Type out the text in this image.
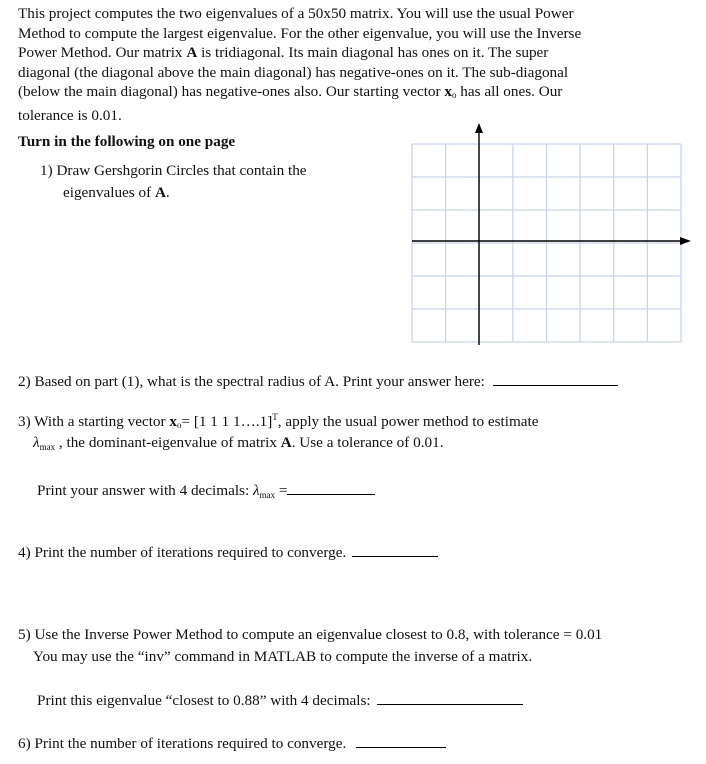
This project computes the two eigenvalues of a 50x50 matrix. You will use the usual Power
Method to compute the largest eigenvalue. For the other eigenvalue, you will use the Inverse
Power Method. Our matrix A is tridiagonal. Its main diagonal has ones on it. The super
diagonal (the diagonal above the main diagonal) has negative-ones on it. The sub-diagonal
(below the main diagonal) has negative-ones also. Our starting vector $x_o$ has all ones. Our
tolerance is 0.01.
Turn in the following on one page
1) Draw Gershgorin Circles that contain the
eigenvalues of A.
2) Based on part (1), what is the spectral radius of A. Print your answer here:
3) With a starting vector $x_o= [1$ 1 1 1….1]$^T$, apply the usual power method to estimate
λmax , the dominant-eigenvalue of matrix A. Use a tolerance of 0.01.
Print your answer with 4 decimals: λmax =
4) Print the number of iterations required to converge.
5) Use the Inverse Power Method to compute an eigenvalue closest to 0.8, with tolerance = 0.01
You may use the “inv” command in MATLAB to compute the inverse of a matrix.
Print this eigenvalue “closest to 0.88” with 4 decimals:
6) Print the number of iterations required to converge.
